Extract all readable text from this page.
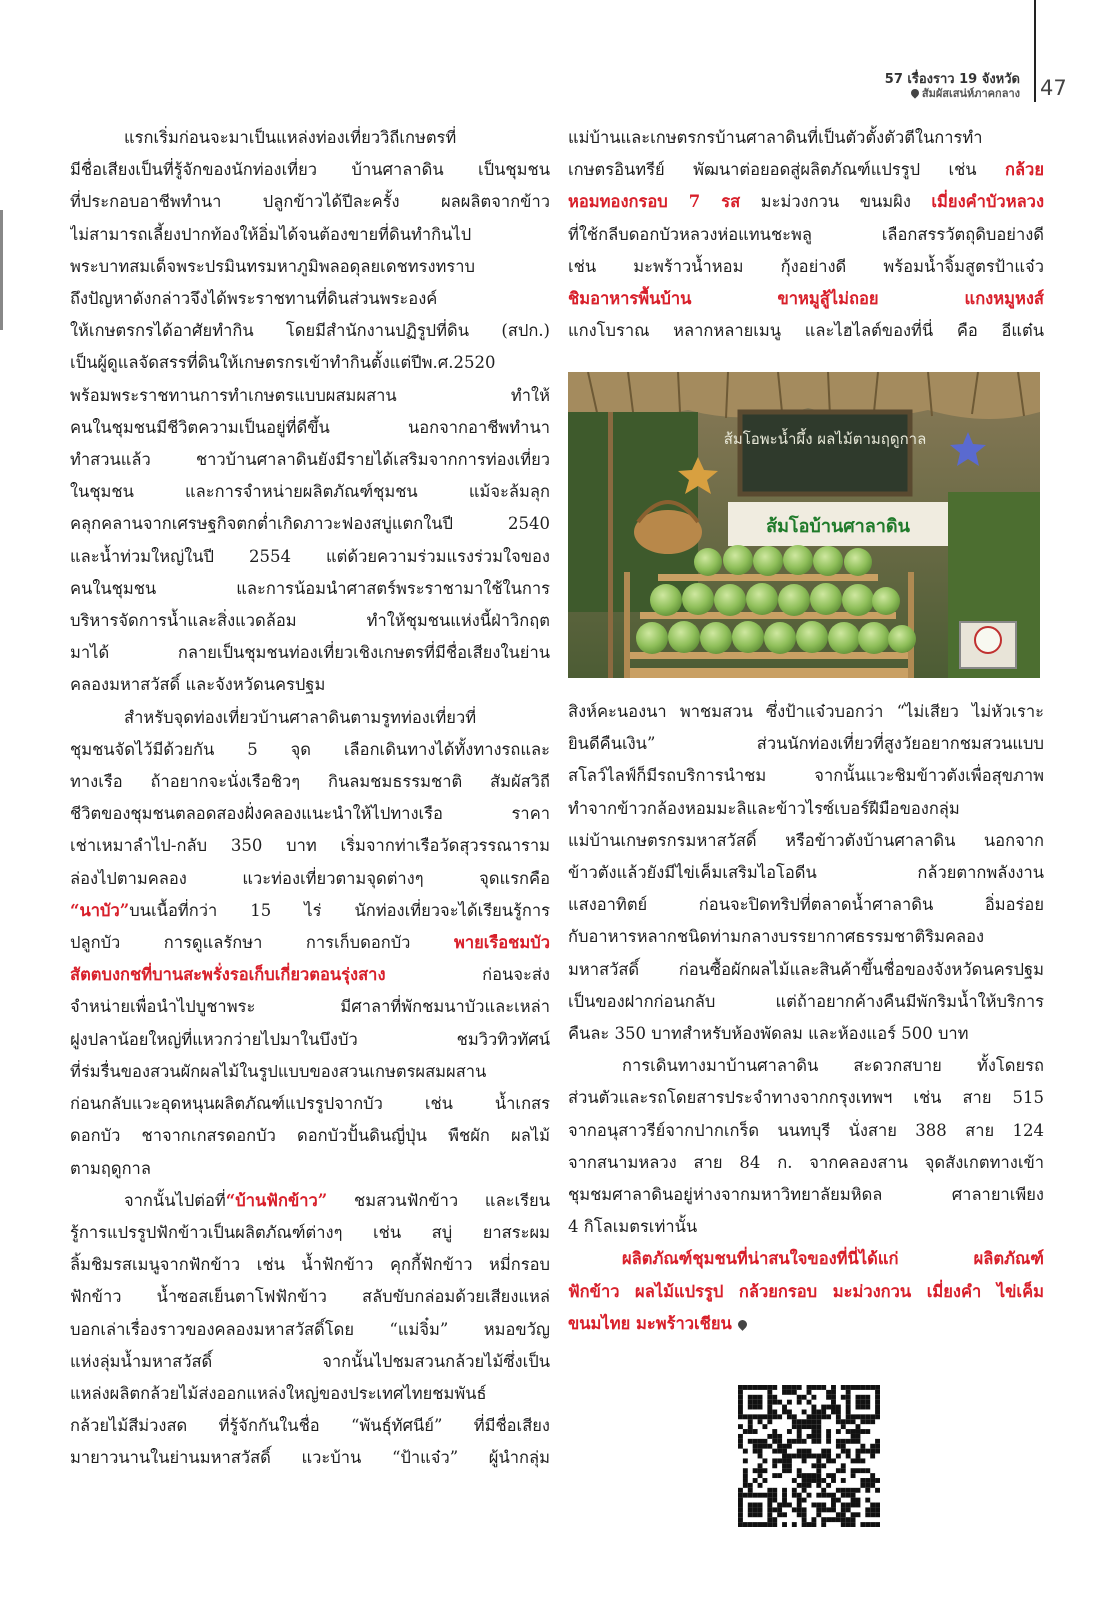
57 เรื่องราว 19 จังหวัด
สัมผัสเสน่ห์ภาคกลาง 47

แรกเริ่มก่อนจะมาเป็นแหล่งท่องเที่ยววิถีเกษตรที่

มีชื่อเสียงเป็นที่รู้จักของนักท่องเที่ยว บ้านศาลาดิน เป็นชุมชน

ที่ประกอบอาชีพทำนา ปลูกข้าวได้ปีละครั้ง ผลผลิตจากข้าว

ไม่สามารถเลี้ยงปากท้องให้อิ่มได้จนต้องขายที่ดินทำกินไป

พระบาทสมเด็จพระปรมินทรมหาภูมิพลอดุลยเดชทรงทราบ

ถึงปัญหาดังกล่าวจึงได้พระราชทานที่ดินส่วนพระองค์

ให้เกษตรกรได้อาศัยทำกิน โดยมีสำนักงานปฏิรูปที่ดิน (สปก.)

เป็นผู้ดูแลจัดสรรที่ดินให้เกษตรกรเข้าทำกินตั้งแต่ปีพ.ศ.2520

พร้อมพระราชทานการทำเกษตรแบบผสมผสาน ทำให้

คนในชุมชนมีชีวิตความเป็นอยู่ที่ดีขึ้น นอกจากอาชีพทำนา

ทำสวนแล้ว ชาวบ้านศาลาดินยังมีรายได้เสริมจากการท่องเที่ยว

ในชุมชน และการจำหน่ายผลิตภัณฑ์ชุมชน แม้จะล้มลุก

คลุกคลานจากเศรษฐกิจตกต่ำเกิดภาวะฟองสบู่แตกในปี 2540

และน้ำท่วมใหญ่ในปี 2554 แต่ด้วยความร่วมแรงร่วมใจของ

คนในชุมชน และการน้อมนำศาสตร์พระราชามาใช้ในการ

บริหารจัดการน้ำและสิ่งแวดล้อม ทำให้ชุมชนแห่งนี้ฝ่าวิกฤต

มาได้ กลายเป็นชุมชนท่องเที่ยวเชิงเกษตรที่มีชื่อเสียงในย่าน

คลองมหาสวัสดิ์ และจังหวัดนครปฐม

สำหรับจุดท่องเที่ยวบ้านศาลาดินตามรูทท่องเที่ยวที่

ชุมชนจัดไว้มีด้วยกัน 5 จุด เลือกเดินทางได้ทั้งทางรถและ

ทางเรือ ถ้าอยากจะนั่งเรือชิวๆ กินลมชมธรรมชาติ สัมผัสวิถี

ชีวิตของชุมชนตลอดสองฝั่งคลองแนะนำให้ไปทางเรือ ราคา

เช่าเหมาลำไป-กลับ 350 บาท เริ่มจากท่าเรือวัดสุวรรณาราม

ล่องไปตามคลอง แวะท่องเที่ยวตามจุดต่างๆ จุดแรกคือ

“นาบัว”บนเนื้อที่กว่า 15 ไร่ นักท่องเที่ยวจะได้เรียนรู้การ

ปลูกบัว การดูแลรักษา การเก็บดอกบัว พายเรือชมบัว

สัตตบงกชที่บานสะพรั่งรอเก็บเกี่ยวตอนรุ่งสาง ก่อนจะส่ง

จำหน่ายเพื่อนำไปบูชาพระ มีศาลาที่พักชมนาบัวและเหล่า

ฝูงปลาน้อยใหญ่ที่แหวกว่ายไปมาในบึงบัว ชมวิวทิวทัศน์

ที่ร่มรื่นของสวนผักผลไม้ในรูปแบบของสวนเกษตรผสมผสาน

ก่อนกลับแวะอุดหนุนผลิตภัณฑ์แปรรูปจากบัว เช่น น้ำเกสร

ดอกบัว ชาจากเกสรดอกบัว ดอกบัวปั้นดินญี่ปุ่น พืชผัก ผลไม้

ตามฤดูกาล

จากนั้นไปต่อที่“บ้านฟักข้าว” ชมสวนฟักข้าว และเรียน

รู้การแปรรูปฟักข้าวเป็นผลิตภัณฑ์ต่างๆ เช่น สบู่ ยาสระผม

ลิ้มชิมรสเมนูจากฟักข้าว เช่น น้ำฟักข้าว คุกกี้ฟักข้าว หมี่กรอบ

ฟักข้าว น้ำซอสเย็นตาโฟฟักข้าว สลับขับกล่อมด้วยเสียงแหล่

บอกเล่าเรื่องราวของคลองมหาสวัสดิ์โดย “แม่จิ๋ม” หมอขวัญ

แห่งลุ่มน้ำมหาสวัสดิ์ จากนั้นไปชมสวนกล้วยไม้ซึ่งเป็น

แหล่งผลิตกล้วยไม้ส่งออกแหล่งใหญ่ของประเทศไทยชมพันธ์

กล้วยไม้สีม่วงสด ที่รู้จักกันในชื่อ “พันธุ์ทัศนีย์” ที่มีชื่อเสียง

มายาวนานในย่านมหาสวัสดิ์ แวะบ้าน “ป้าแจ๋ว” ผู้นำกลุ่ม

แม่บ้านและเกษตรกรบ้านศาลาดินที่เป็นตัวตั้งตัวตีในการทำ

เกษตรอินทรีย์ พัฒนาต่อยอดสู่ผลิตภัณฑ์แปรรูป เช่น กล้วย

หอมทองกรอบ 7 รส มะม่วงกวน ขนมผิง เมี่ยงคำบัวหลวง

ที่ใช้กลีบดอกบัวหลวงห่อแทนชะพลู เลือกสรรวัตถุดิบอย่างดี

เช่น มะพร้าวน้ำหอม กุ้งอย่างดี พร้อมน้ำจิ้มสูตรป้าแจ๋ว

ชิมอาหารพื้นบ้าน ขาหมูสู้ไม่ถอย แกงหมูหงส์

แกงโบราณ หลากหลายเมนู และไฮไลต์ของที่นี่ คือ อีแต๋น

ส้มโอพะน้ำผึ้ง ผลไม้ตามฤดูกาล
ส้มโอบ้านศาลาดิน

สิงห์คะนองนา พาชมสวน ซึ่งป้าแจ๋วบอกว่า “ไม่เสียว ไม่หัวเราะ

ยินดีคืนเงิน” ส่วนนักท่องเที่ยวที่สูงวัยอยากชมสวนแบบ

สโลว์ไลฟ์ก็มีรถบริการนำชม จากนั้นแวะชิมข้าวตังเพื่อสุขภาพ

ทำจากข้าวกล้องหอมมะลิและข้าวไรซ์เบอร์ฝีมือของกลุ่ม

แม่บ้านเกษตรกรมหาสวัสดิ์ หรือข้าวตังบ้านศาลาดิน นอกจาก

ข้าวตังแล้วยังมีไข่เค็มเสริมไอโอดีน กล้วยตากพลังงาน

แสงอาทิตย์ ก่อนจะปิดทริปที่ตลาดน้ำศาลาดิน อิ่มอร่อย

กับอาหารหลากชนิดท่ามกลางบรรยากาศธรรมชาติริมคลอง

มหาสวัสดิ์ ก่อนซื้อผักผลไม้และสินค้าขึ้นชื่อของจังหวัดนครปฐม

เป็นของฝากก่อนกลับ แต่ถ้าอยากค้างคืนมีพักริมน้ำให้บริการ

คืนละ 350 บาทสำหรับห้องพัดลม และห้องแอร์ 500 บาท

การเดินทางมาบ้านศาลาดิน สะดวกสบาย ทั้งโดยรถ

ส่วนตัวและรถโดยสารประจำทางจากกรุงเทพฯ เช่น สาย 515

จากอนุสาวรีย์จากปากเกร็ด นนทบุรี นั่งสาย 388 สาย 124

จากสนามหลวง สาย 84 ก. จากคลองสาน จุดสังเกตทางเข้า

ชุมชมศาลาดินอยู่ห่างจากมหาวิทยาลัยมหิดล ศาลายาเพียง

4 กิโลเมตรเท่านั้น

ผลิตภัณฑ์ชุมชนที่น่าสนใจของที่นี่ได้แก่ ผลิตภัณฑ์

ฟักข้าว ผลไม้แปรรูป กล้วยกรอบ มะม่วงกวน เมี่ยงคำ ไข่เค็ม

ขนมไทย มะพร้าวเชียน
